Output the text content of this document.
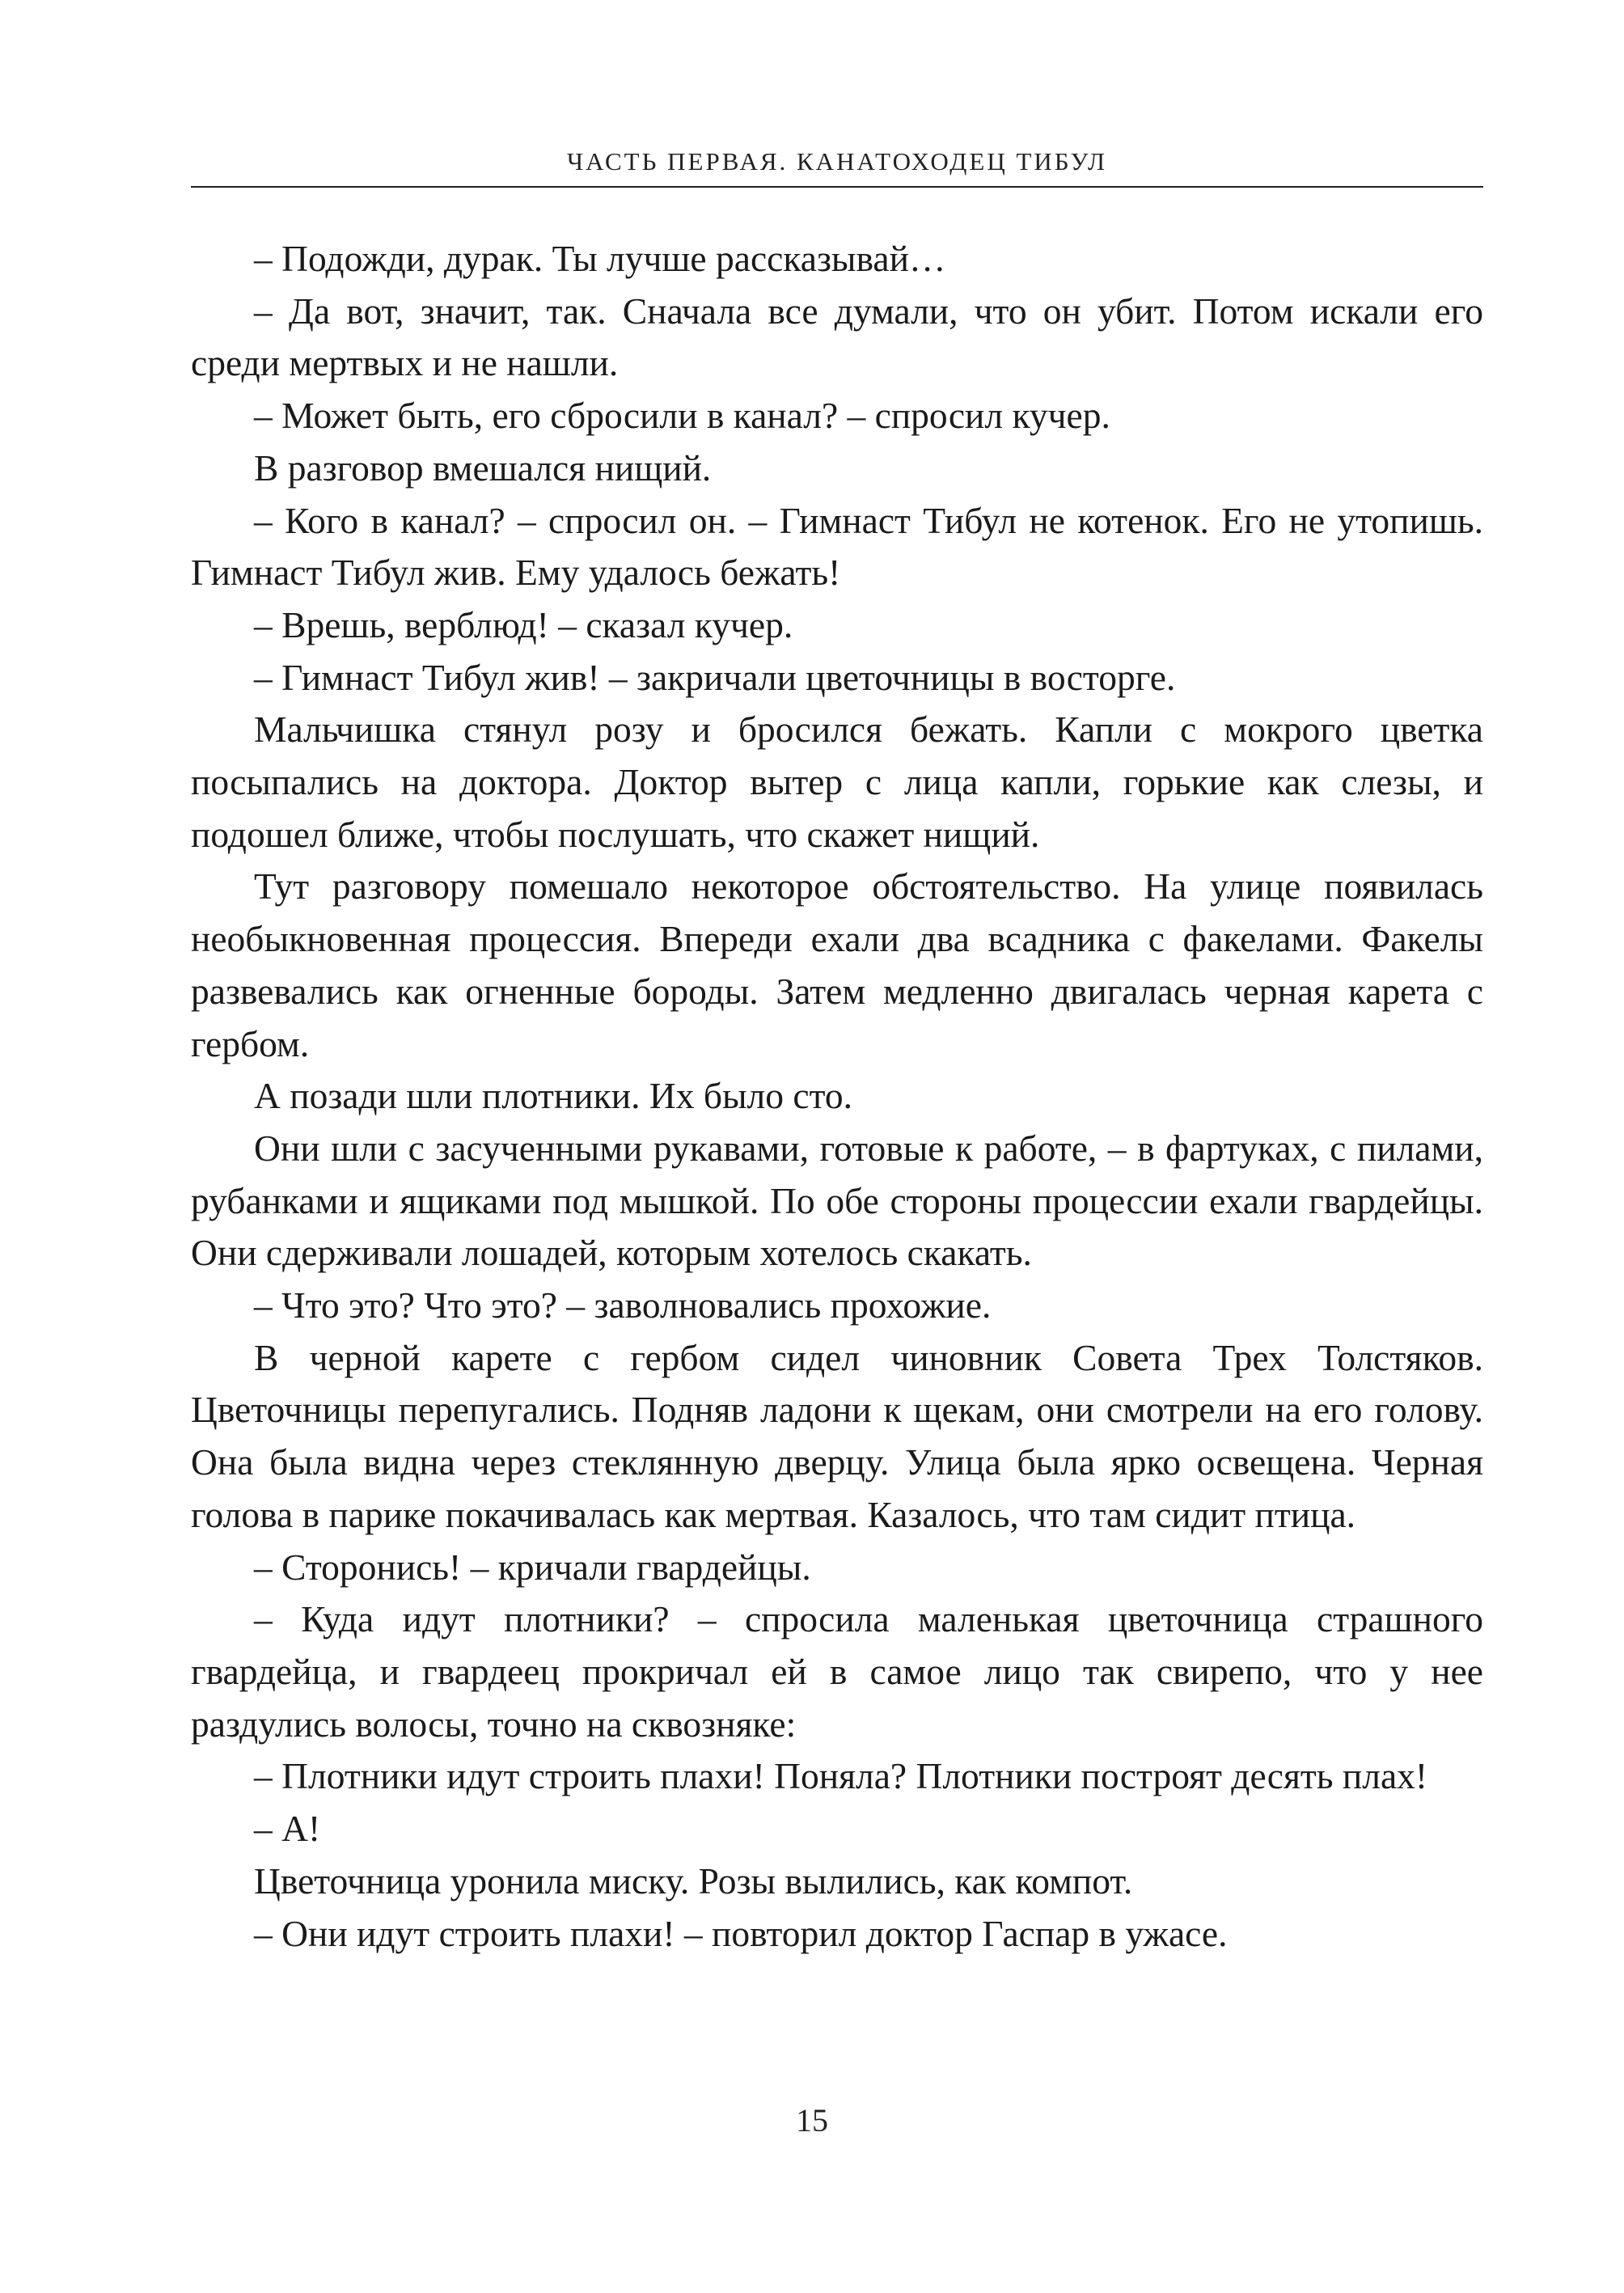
ЧАСТЬ ПЕРВАЯ. КАНАТОХОДЕЦ ТИБУЛ

– Подожди, дурак. Ты лучше рассказывай…

– Да вот, значит, так. Сначала все думали, что он убит. Потом искали его среди мертвых и не нашли.

– Может быть, его сбросили в канал? – спросил кучер.

В разговор вмешался нищий.

– Кого в канал? – спросил он. – Гимнаст Тибул не котенок. Его не утопишь. Гимнаст Тибул жив. Ему удалось бежать!

– Врешь, верблюд! – сказал кучер.

– Гимнаст Тибул жив! – закричали цветочницы в восторге.

Мальчишка стянул розу и бросился бежать. Капли с мокрого цветка посыпались на доктора. Доктор вытер с лица капли, горькие как слезы, и подошел ближе, чтобы послушать, что скажет нищий.

Тут разговору помешало некоторое обстоятельство. На улице появилась необыкновенная процессия. Впереди ехали два всадника с факелами. Факелы развевались как огненные бороды. Затем медленно двигалась черная карета с гербом.

А позади шли плотники. Их было сто.

Они шли с засученными рукавами, готовые к работе, – в фартуках, с пилами, рубанками и ящиками под мышкой. По обе стороны процессии ехали гвардейцы. Они сдерживали лошадей, которым хотелось скакать.

– Что это? Что это? – заволновались прохожие.

В черной карете с гербом сидел чиновник Совета Трех Толстяков. Цветочницы перепугались. Подняв ладони к щекам, они смотрели на его голову. Она была видна через стеклянную дверцу. Улица была ярко освещена. Черная голова в парике покачивалась как мертвая. Казалось, что там сидит птица.

– Сторонись! – кричали гвардейцы.

– Куда идут плотники? – спросила маленькая цветочница страшного гвардейца, и гвардеец прокричал ей в самое лицо так свирепо, что у нее раздулись волосы, точно на сквозняке:

– Плотники идут строить плахи! Поняла? Плотники построят десять плах!

– А!

Цветочница уронила миску. Розы вылились, как компот.

– Они идут строить плахи! – повторил доктор Гаспар в ужасе.

15
